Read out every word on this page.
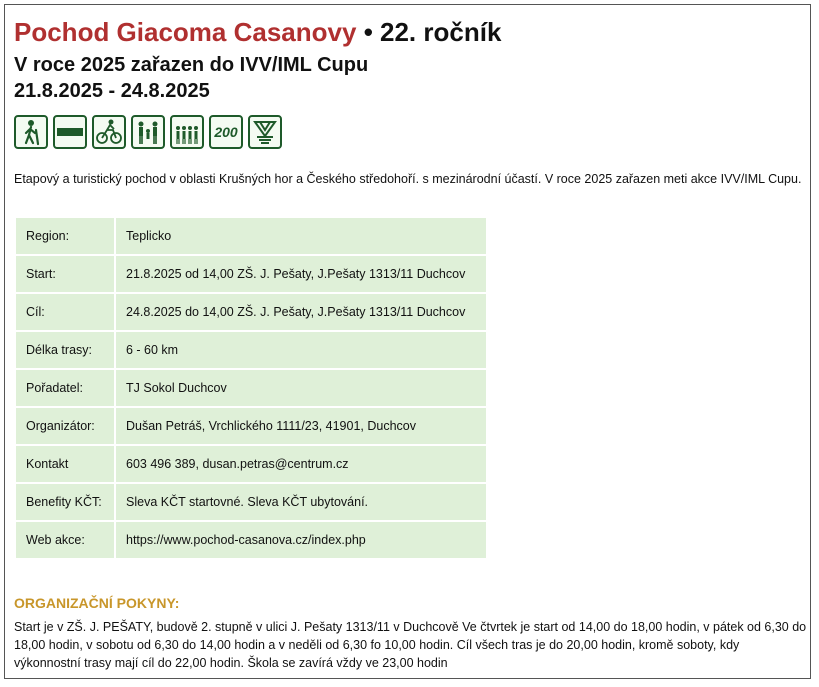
Pochod Giacoma Casanovy • 22. ročník
V roce 2025 zařazen do IVV/IML Cupu
21.8.2025 - 24.8.2025
200
Etapový a turistický pochod v oblasti Krušných hor a Českého středohoří. s mezinárodní účastí. V roce 2025 zařazen meti akce IVV/IML Cupu.
Region:	Teplicko
Start:	21.8.2025 od 14,00 ZŠ. J. Pešaty, J.Pešaty 1313/11 Duchcov
Cíl:	24.8.2025 do 14,00 ZŠ. J. Pešaty, J.Pešaty 1313/11 Duchcov
Délka trasy:	6 - 60 km
Pořadatel:	TJ Sokol Duchcov
Organizátor:	Dušan Petráš, Vrchlického 1111/23, 41901, Duchcov
Kontakt	603 496 389, dusan.petras@centrum.cz
Benefity KČT:	Sleva KČT startovné. Sleva KČT ubytování.
Web akce:	https://www.pochod-casanova.cz/index.php
ORGANIZAČNÍ POKYNY:
Start je v ZŠ. J. PEŠATY, budově 2. stupně v ulici J. Pešaty 1313/11 v Duchcově Ve čtvrtek je start od 14,00 do 18,00 hodin, v pátek od 6,30 do 18,00 hodin, v sobotu od 6,30 do 14,00 hodin a v neděli od 6,30 fo 10,00 hodin. Cíl všech tras je do 20,00 hodin, kromě soboty, kdy výkonnostní trasy mají cíl do 22,00 hodin. Škola se zavírá vždy ve 23,00 hodin
